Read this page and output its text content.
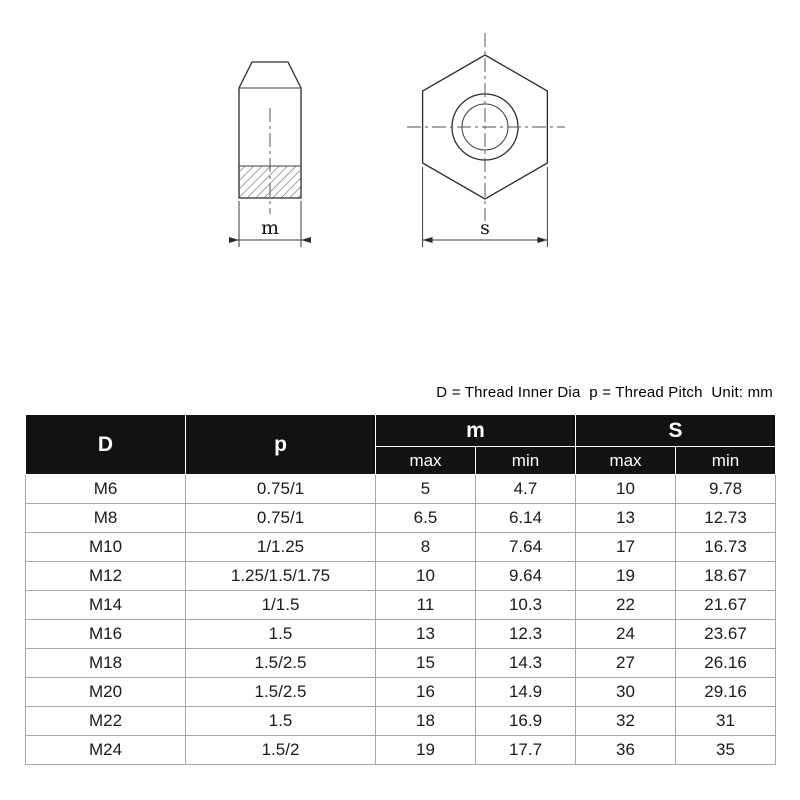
m	s
D = Thread Inner Dia  p = Thread Pitch  Unit: mm
D	p	m		S	
		max	min	max	min
M6	0.75/1	5	4.7	10	9.78
M8	0.75/1	6.5	6.14	13	12.73
M10	1/1.25	8	7.64	17	16.73
M12	1.25/1.5/1.75	10	9.64	19	18.67
M14	1/1.5	11	10.3	22	21.67
M16	1.5	13	12.3	24	23.67
M18	1.5/2.5	15	14.3	27	26.16
M20	1.5/2.5	16	14.9	30	29.16
M22	1.5	18	16.9	32	31
M24	1.5/2	19	17.7	36	35
